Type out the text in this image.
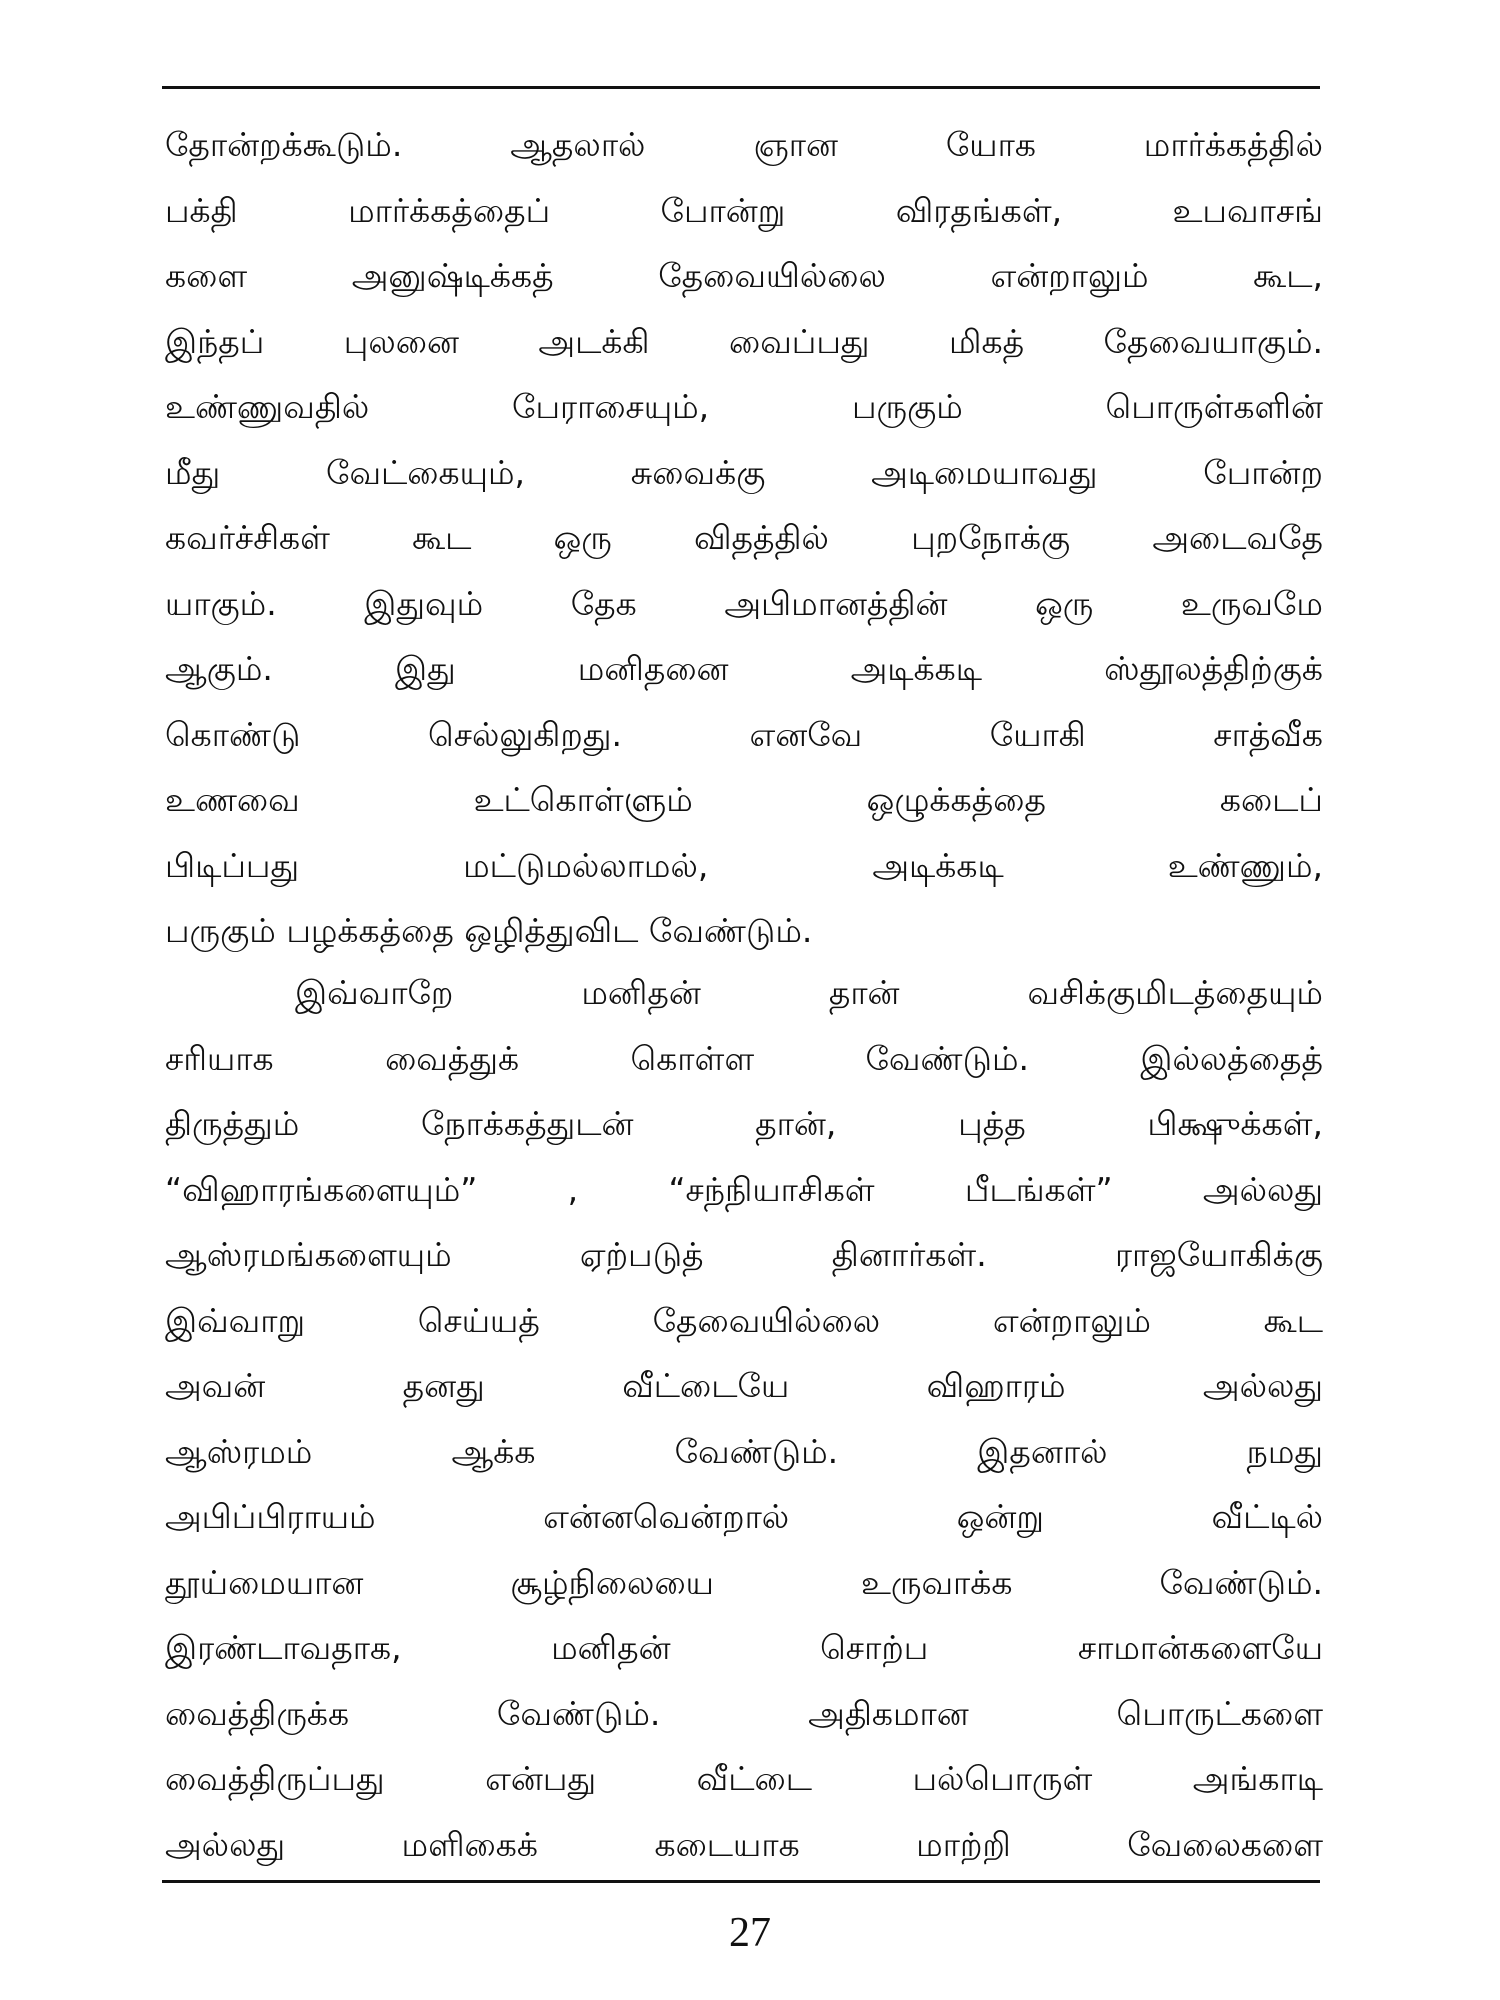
தோன்றக்கூடும். ஆதலால் ஞான யோக மார்க்கத்தில்
பக்தி மார்க்கத்தைப் போன்று விரதங்கள், உபவாசங்
களை அனுஷ்டிக்கத் தேவையில்லை என்றாலும் கூட,
இந்தப் புலனை அடக்கி வைப்பது மிகத் தேவையாகும்.
உண்ணுவதில் பேராசையும், பருகும் பொருள்களின்
மீது வேட்கையும், சுவைக்கு அடிமையாவது போன்ற
கவர்ச்சிகள் கூட ஒரு விதத்தில் புறநோக்கு அடைவதே
யாகும். இதுவும் தேக அபிமானத்தின் ஒரு உருவமே
ஆகும். இது மனிதனை அடிக்கடி ஸ்தூலத்திற்குக்
கொண்டு செல்லுகிறது. எனவே யோகி சாத்வீக
உணவை உட்கொள்ளும் ஒழுக்கத்தை கடைப்
பிடிப்பது மட்டுமல்லாமல், அடிக்கடி உண்ணும்,
பருகும் பழக்கத்தை ஒழித்துவிட வேண்டும்.
இவ்வாறே மனிதன் தான் வசிக்குமிடத்தையும்
சரியாக வைத்துக் கொள்ள வேண்டும். இல்லத்தைத்
திருத்தும் நோக்கத்துடன் தான், புத்த பிக்ஷுக்கள்,
“விஹாரங்களையும்” , “சந்நியாசிகள் பீடங்கள்” அல்லது
ஆஸ்ரமங்களையும் ஏற்படுத் தினார்கள். ராஜயோகிக்கு
இவ்வாறு செய்யத் தேவையில்லை என்றாலும் கூட
அவன் தனது வீட்டையே விஹாரம் அல்லது
ஆஸ்ரமம் ஆக்க வேண்டும். இதனால் நமது
அபிப்பிராயம் என்னவென்றால் ஒன்று வீட்டில்
தூய்மையான சூழ்நிலையை உருவாக்க வேண்டும்.
இரண்டாவதாக, மனிதன் சொற்ப சாமான்களையே
வைத்திருக்க வேண்டும். அதிகமான பொருட்களை
வைத்திருப்பது என்பது வீட்டை பல்பொருள் அங்காடி
அல்லது மளிகைக் கடையாக மாற்றி வேலைகளை
27
